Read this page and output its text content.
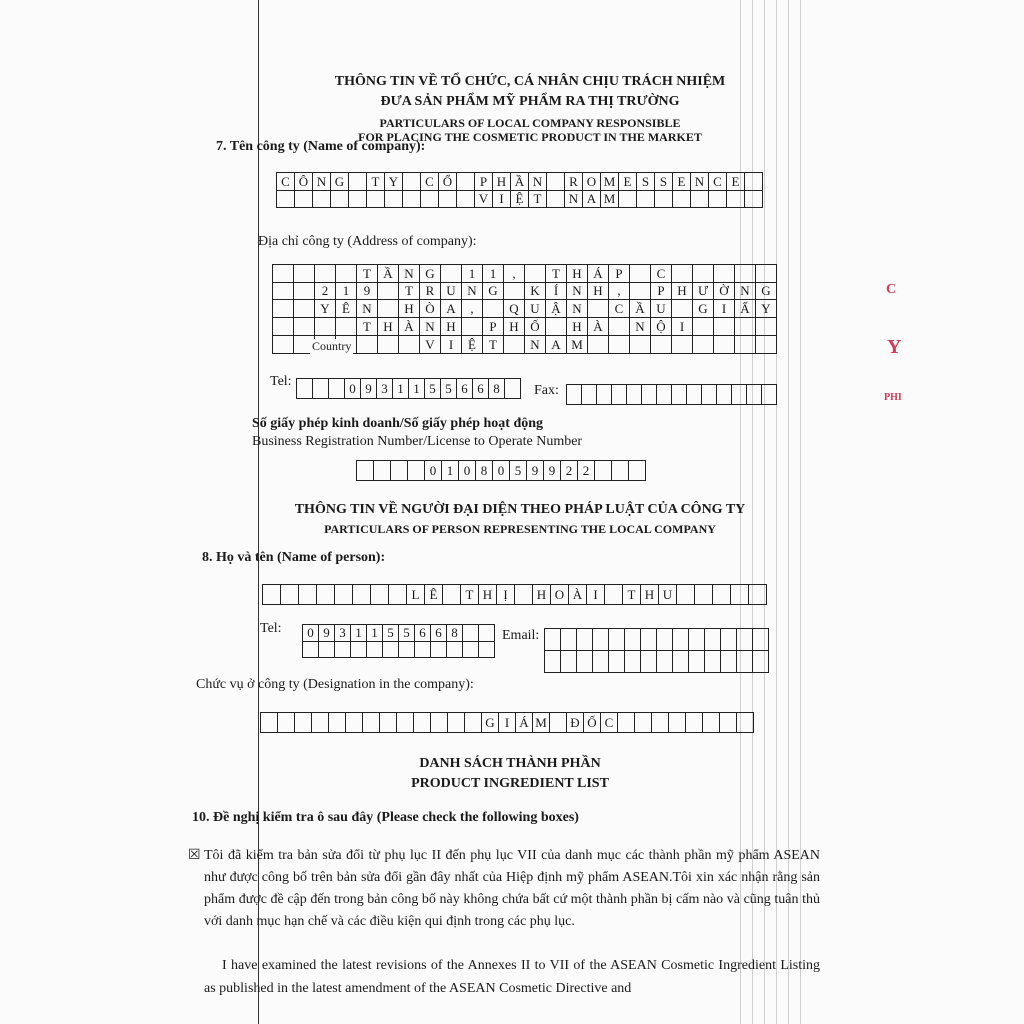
C
Y
PHI
THÔNG TIN VỀ TỔ CHỨC, CÁ NHÂN CHỊU TRÁCH NHIỆM
ĐƯA SẢN PHẨM MỸ PHẨM RA THỊ TRƯỜNG
PARTICULARS OF LOCAL COMPANY RESPONSIBLE
FOR PLACING THE COSMETIC PRODUCT IN THE MARKET
7. Tên công ty (Name of company):
C Ô N G	T Y	C Ổ	P H Ầ N	R O M E S S E N C E
V I Ệ T	N A M
Địa chỉ công ty (Address of company):
T Ầ N G	1	1	,	T H Á P	C
2	1	9	T R U N G	K	Í	N H	,	P H Ư Ờ N G
Y Ê N	H Ò A	,	Q U Ậ N	C Ầ U	G	I	Ấ Y
T H À N H	P H Ố	H À	N Ộ	I
V	I	Ệ	T	N A M
Country
Tel:	0 9 3 1 1 5 5 6 6 8	Fax:
Số giấy phép kinh doanh/Số giấy phép hoạt động
Business Registration Number/License to Operate Number
0 1 0 8 0 5 9 9 2 2
THÔNG TIN VỀ NGƯỜI ĐẠI DIỆN THEO PHÁP LUẬT CỦA CÔNG TY
PARTICULARS OF PERSON REPRESENTING THE LOCAL COMPANY
8. Họ và tên (Name of person):
L Ê	T H Ị	H O À I	T H U
Tel:	0 9 3 1 1 5 5 6 6 8	Email:
Chức vụ ở công ty (Designation in the company):
G I Á M Đ Ố C
DANH SÁCH THÀNH PHẦN
PRODUCT INGREDIENT LIST
10. Đề nghị kiểm tra ô sau đây (Please check the following boxes)
☒ Tôi đã kiểm tra bản sửa đổi từ phụ lục II đến phụ lục VII của danh mục các thành phần mỹ phẩm ASEAN như được công bố trên bản sửa đổi gần đây nhất của Hiệp định mỹ phẩm ASEAN.Tôi xin xác nhận rằng sản phẩm được đề cập đến trong bản công bố này không chứa bất cứ một thành phần bị cấm nào và cũng tuân thủ với danh mục hạn chế và các điều kiện qui định trong các phụ lục.
I have examined the latest revisions of the Annexes II to VII of the ASEAN Cosmetic Ingredient Listing as published in the latest amendment of the ASEAN Cosmetic Directive and
